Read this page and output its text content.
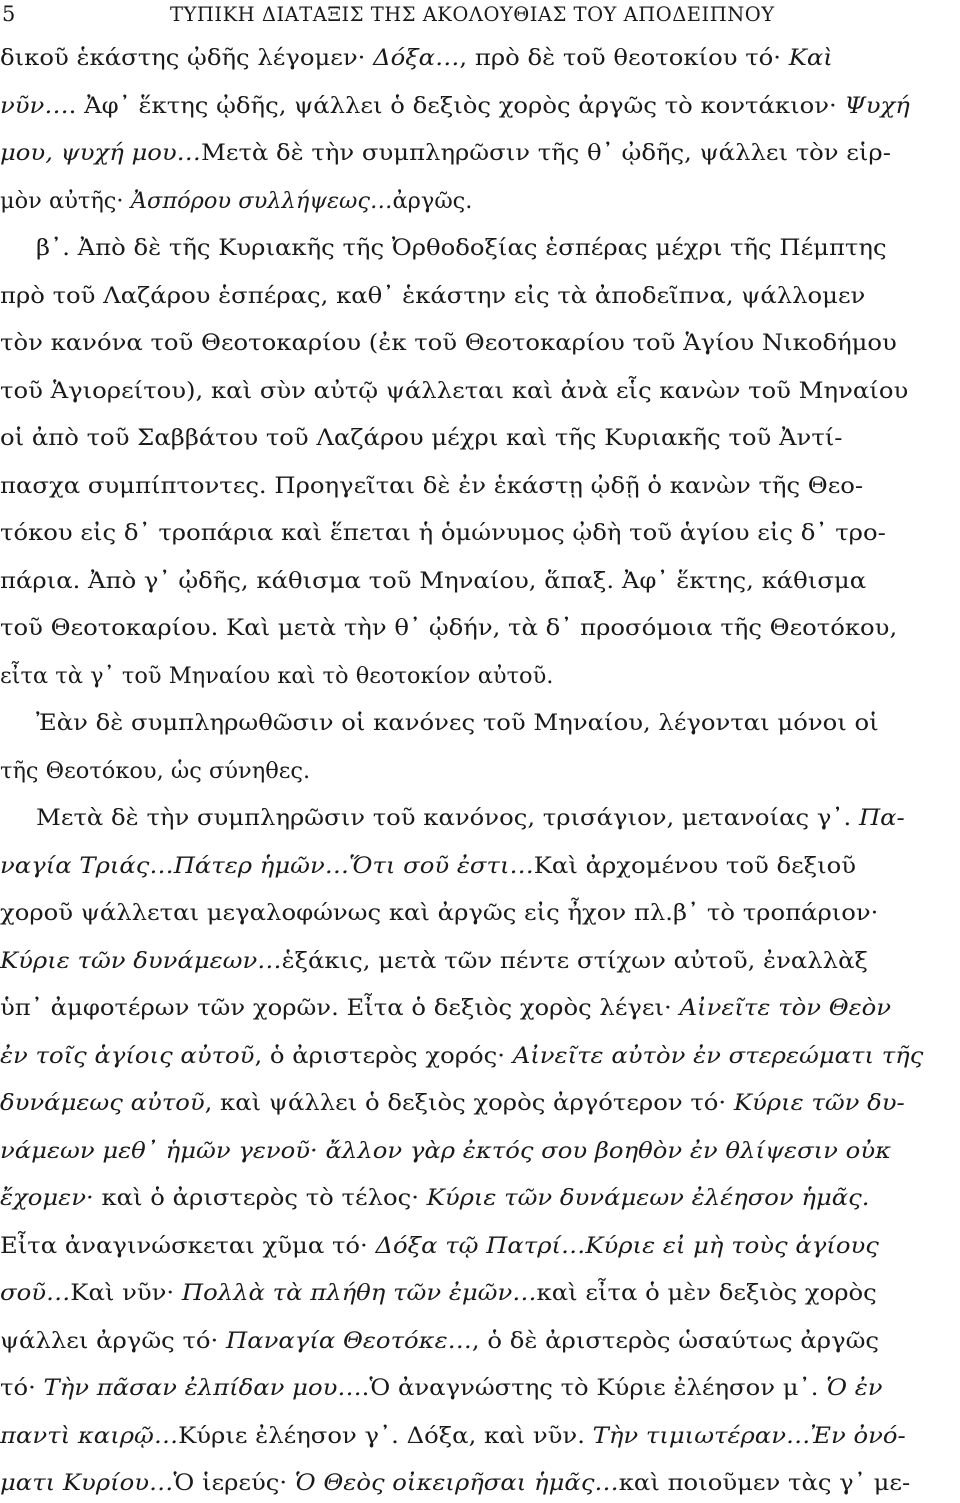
5	ΤΥΠΙΚΗ ΔΙΑΤΑΞΙΣ ΤΗΣ ΑΚΟΛΟΥΘΙΑΣ ΤΟΥ ΑΠΟΔΕΙΠΝΟΥ
δικοῦ ἑκάστης ᾠδῆς λέγομεν· Δόξα…, πρὸ δὲ τοῦ θεοτοκίου τό· Καὶ
νῦν…. Ἀφ᾽ ἕκτης ᾠδῆς, ψάλλει ὁ δεξιὸς χορὸς ἀργῶς τὸ κοντάκιον· Ψυχή
μου, ψυχή μου…Μετὰ δὲ τὴν συμπληρῶσιν τῆς θ᾽ ᾠδῆς, ψάλλει τὸν εἱρ-
μὸν αὐτῆς· Ἀσπόρου συλλήψεως…ἀργῶς.
β᾽. Ἀπὸ δὲ τῆς Κυριακῆς τῆς Ὀρθοδοξίας ἑσπέρας μέχρι τῆς Πέμπτης
πρὸ τοῦ Λαζάρου ἑσπέρας, καθ᾽ ἑκάστην εἰς τὰ ἀποδεῖπνα, ψάλλομεν
τὸν κανόνα τοῦ Θεοτοκαρίου (ἐκ τοῦ Θεοτοκαρίου τοῦ Ἁγίου Νικοδήμου
τοῦ Ἁγιορείτου), καὶ σὺν αὐτῷ ψάλλεται καὶ ἀνὰ εἷς κανὼν τοῦ Μηναίου
οἱ ἀπὸ τοῦ Σαββάτου τοῦ Λαζάρου μέχρι καὶ τῆς Κυριακῆς τοῦ Ἀντί-
πασχα συμπίπτοντες. Προηγεῖται δὲ ἐν ἑκάστῃ ᾠδῇ ὁ κανὼν τῆς Θεο-
τόκου εἰς δ᾽ τροπάρια καὶ ἕπεται ἡ ὁμώνυμος ᾠδὴ τοῦ ἁγίου εἰς δ᾽ τρο-
πάρια. Ἀπὸ γ᾽ ᾠδῆς, κάθισμα τοῦ Μηναίου, ἅπαξ. Ἀφ᾽ ἕκτης, κάθισμα
τοῦ Θεοτοκαρίου. Καὶ μετὰ τὴν θ᾽ ᾠδήν, τὰ δ᾽ προσόμοια τῆς Θεοτόκου,
εἶτα τὰ γ᾽ τοῦ Μηναίου καὶ τὸ θεοτοκίον αὐτοῦ.
Ἐὰν δὲ συμπληρωθῶσιν οἱ κανόνες τοῦ Μηναίου, λέγονται μόνοι οἱ
τῆς Θεοτόκου, ὡς σύνηθες.
Μετὰ δὲ τὴν συμπληρῶσιν τοῦ κανόνος, τρισάγιον, μετανοίας γ᾽. Πα-
ναγία Τριάς…Πάτερ ἡμῶν…Ὅτι σοῦ ἐστι…Καὶ ἀρχομένου τοῦ δεξιοῦ
χοροῦ ψάλλεται μεγαλοφώνως καὶ ἀργῶς εἰς ἦχον πλ.β᾽ τὸ τροπάριον·
Κύριε τῶν δυνάμεων…ἑξάκις, μετὰ τῶν πέντε στίχων αὐτοῦ, ἐναλλὰξ
ὑπ᾽ ἀμφοτέρων τῶν χορῶν. Εἶτα ὁ δεξιὸς χορὸς λέγει· Αἰνεῖτε τὸν Θεὸν
ἐν τοῖς ἁγίοις αὐτοῦ, ὁ ἀριστερὸς χορός· Αἰνεῖτε αὐτὸν ἐν στερεώματι τῆς
δυνάμεως αὐτοῦ, καὶ ψάλλει ὁ δεξιὸς χορὸς ἀργότερον τό· Κύριε τῶν δυ-
νάμεων μεθ᾽ ἡμῶν γενοῦ· ἄλλον γὰρ ἐκτός σου βοηθὸν ἐν θλίψεσιν οὐκ
ἔχομεν· καὶ ὁ ἀριστερὸς τὸ τέλος· Κύριε τῶν δυνάμεων ἐλέησον ἡμᾶς.
Εἶτα ἀναγινώσκεται χῦμα τό· Δόξα τῷ Πατρί…Κύριε εἰ μὴ τοὺς ἁγίους
σοῦ…Καὶ νῦν· Πολλὰ τὰ πλήθη τῶν ἐμῶν…καὶ εἶτα ὁ μὲν δεξιὸς χορὸς
ψάλλει ἀργῶς τό· Παναγία Θεοτόκε…, ὁ δὲ ἀριστερὸς ὡσαύτως ἀργῶς
τό· Τὴν πᾶσαν ἐλπίδαν μου….Ὁ ἀναγνώστης τὸ Κύριε ἐλέησον μ᾽. Ὁ ἐν
παντὶ καιρῷ…Κύριε ἐλέησον γ᾽. Δόξα, καὶ νῦν. Τὴν τιμιωτέραν…Ἐν ὀνό-
ματι Κυρίου…Ὁ ἱερεύς· Ὁ Θεὸς οἰκειρῆσαι ἡμᾶς…καὶ ποιοῦμεν τὰς γ᾽ με-
